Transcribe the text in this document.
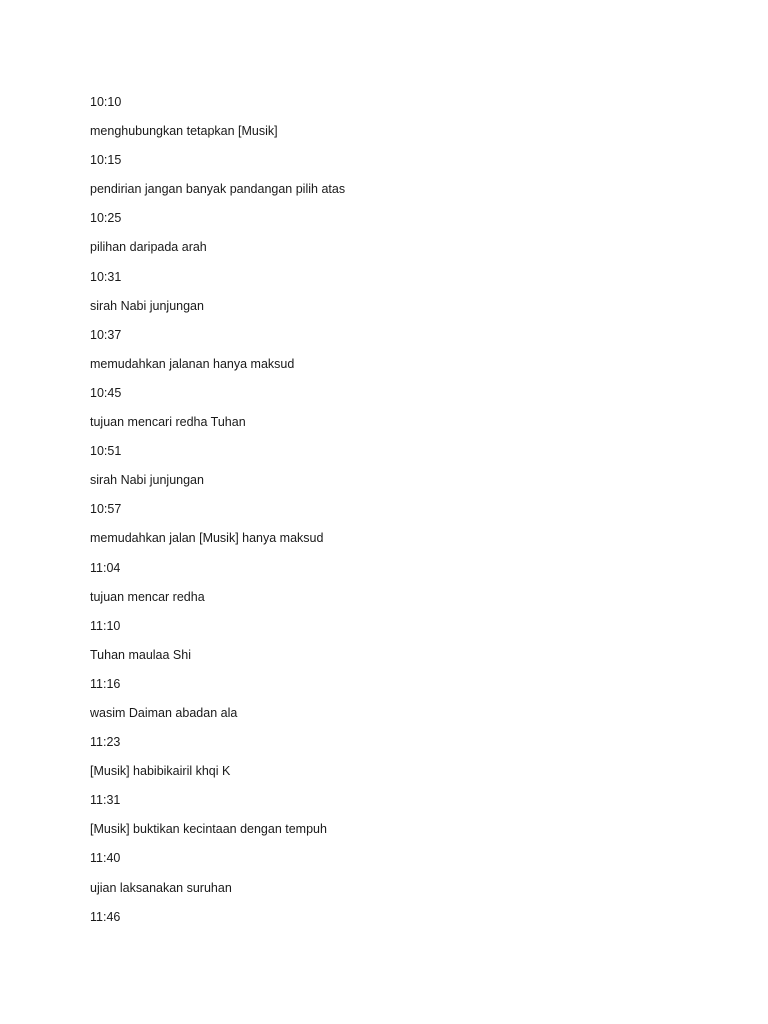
10:10
menghubungkan tetapkan [Musik]
10:15
pendirian jangan banyak pandangan pilih atas
10:25
pilihan daripada arah
10:31
sirah Nabi junjungan
10:37
memudahkan jalanan hanya maksud
10:45
tujuan mencari redha Tuhan
10:51
sirah Nabi junjungan
10:57
memudahkan jalan [Musik] hanya maksud
11:04
tujuan mencar redha
11:10
Tuhan maulaa Shi
11:16
wasim Daiman abadan ala
11:23
[Musik] habibikairil khqi K
11:31
[Musik] buktikan kecintaan dengan tempuh
11:40
ujian laksanakan suruhan
11:46
